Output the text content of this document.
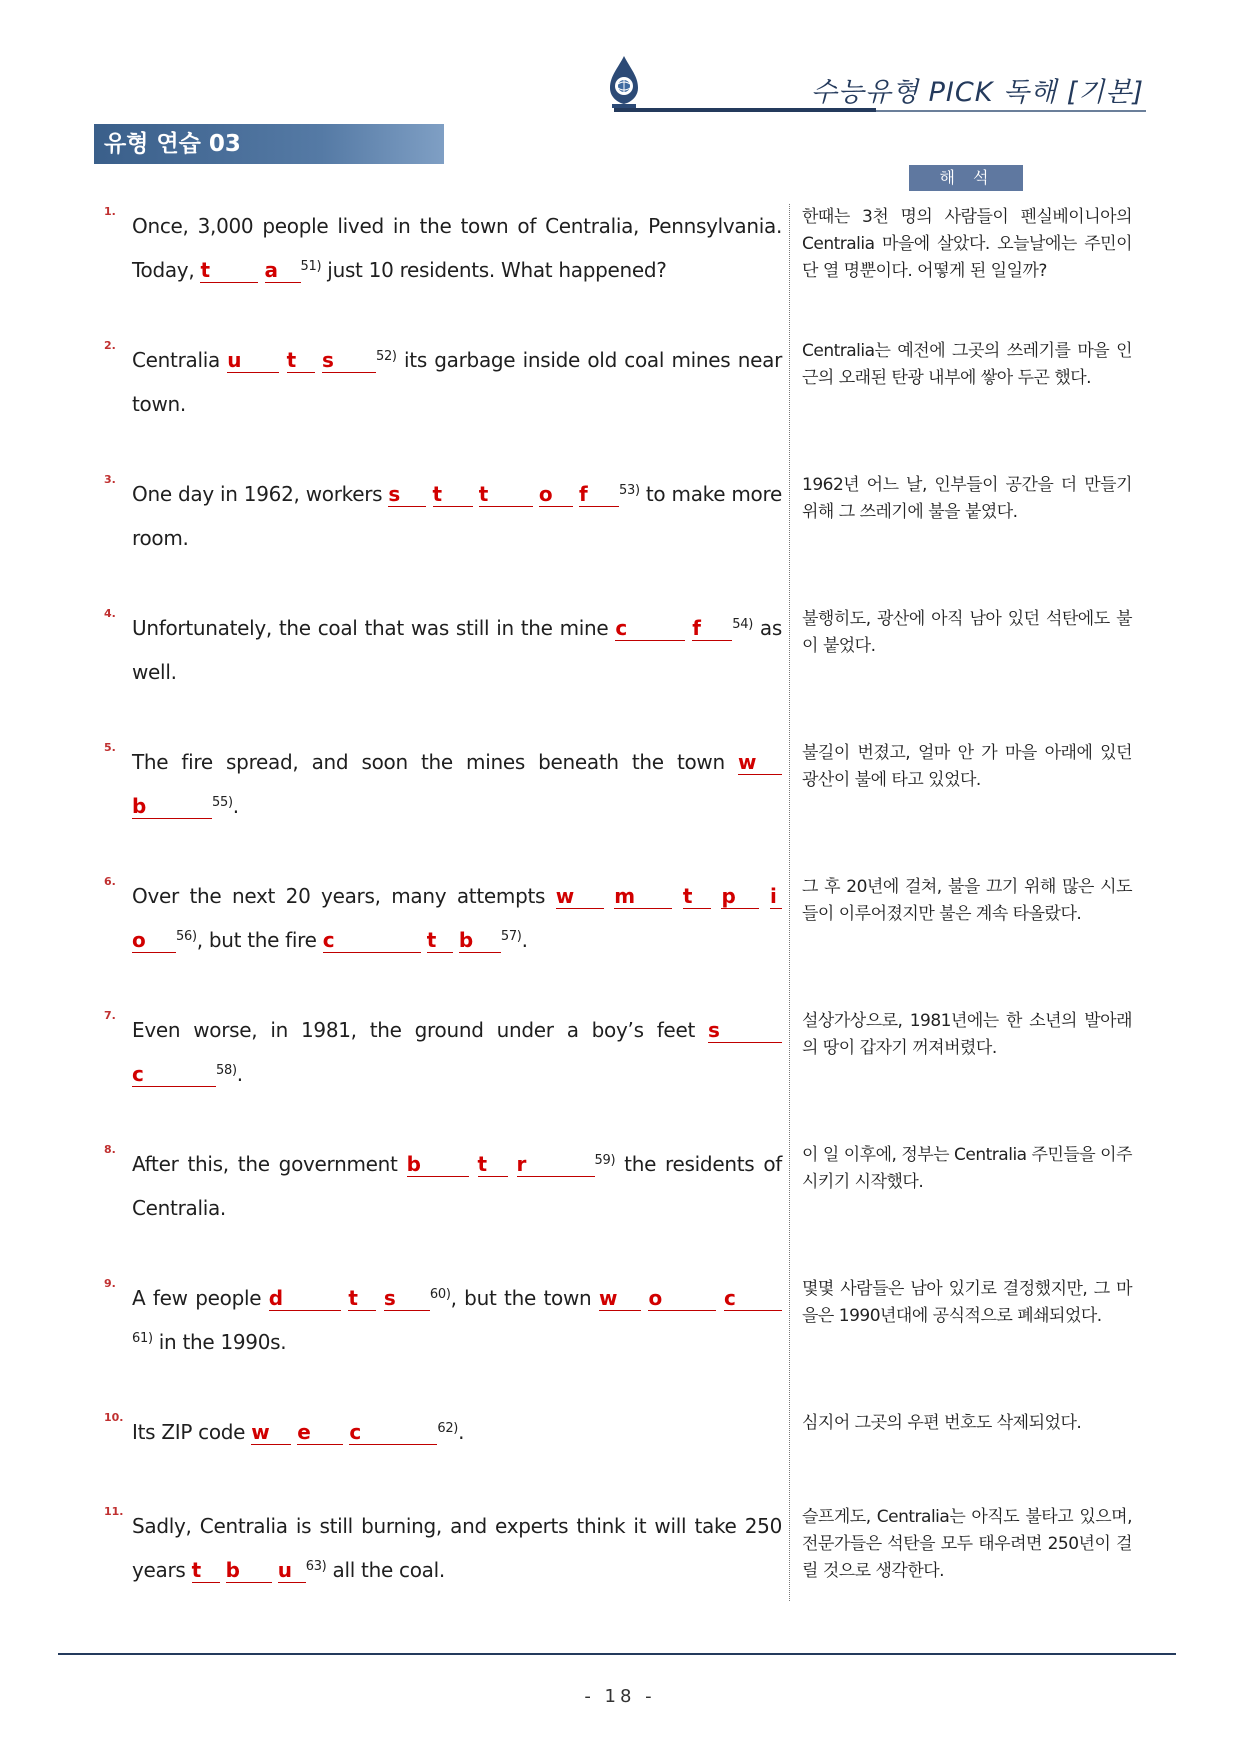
수능유형 PICK 독해 [기본]
유형 연습 03
해석
1.
Once, 3,000 people lived in the town of Centralia, Pennsylvania. Today, t	a $^{51)}$ just 10 residents. What happened?
한때는 3천 명의 사람들이 펜실베이니아의 Centralia 마을에 살았다. 오늘날에는 주민이 단 열 명뿐이다. 어떻게 된 일일까?
2.
Centralia u t s	$^{52)}$ its garbage inside old coal mines near town.
Centralia는 예전에 그곳의 쓰레기를 마을 인근의 오래된 탄광 내부에 쌓아 두곤 했다.
3.
One day in 1962, workers s t t	o f $^{53)}$ to make more room.
1962년 어느 날, 인부들이 공간을 더 만들기 위해 그 쓰레기에 불을 붙였다.
4.
Unfortunately, the coal that was still in the mine c	f $^{54)}$ as well.
불행히도, 광산에 아직 남아 있던 석탄에도 불이 붙었다.
5.
The fire spread, and soon the mines beneath the town w b	$^{55)}$.
불길이 번졌고, 얼마 안 가 마을 아래에 있던 광산이 불에 타고 있었다.
6.
Over the next 20 years, many attempts w m t p i o $^{56)}$, but the fire c	t b $^{57)}$.
그 후 20년에 걸쳐, 불을 끄기 위해 많은 시도들이 이루어졌지만 불은 계속 타올랐다.
7.
Even worse, in 1981, the ground under a boy’s feet s c	$^{58)}$.
설상가상으로, 1981년에는 한 소년의 발아래의 땅이 갑자기 꺼져버렸다.
8.
After this, the government b	t r	$^{59)}$ the residents of Centralia.
이 일 이후에, 정부는 Centralia 주민들을 이주시키기 시작했다.
9.
A few people d	t s	$^{60)}$, but the town w o	c$^{61)}$ in the 1990s.
몇몇 사람들은 남아 있기로 결정했지만, 그 마을은 1990년대에 공식적으로 폐쇄되었다.
10.
Its ZIP code w e c	$^{62)}$.	심지어 그곳의 우편 번호도 삭제되었다.
11.
Sadly, Centralia is still burning, and experts think it will take 250 years t b u $^{63)}$ all the coal.
슬프게도, Centralia는 아직도 불타고 있으며, 전문가들은 석탄을 모두 태우려면 250년이 걸릴 것으로 생각한다.
- 18 -
